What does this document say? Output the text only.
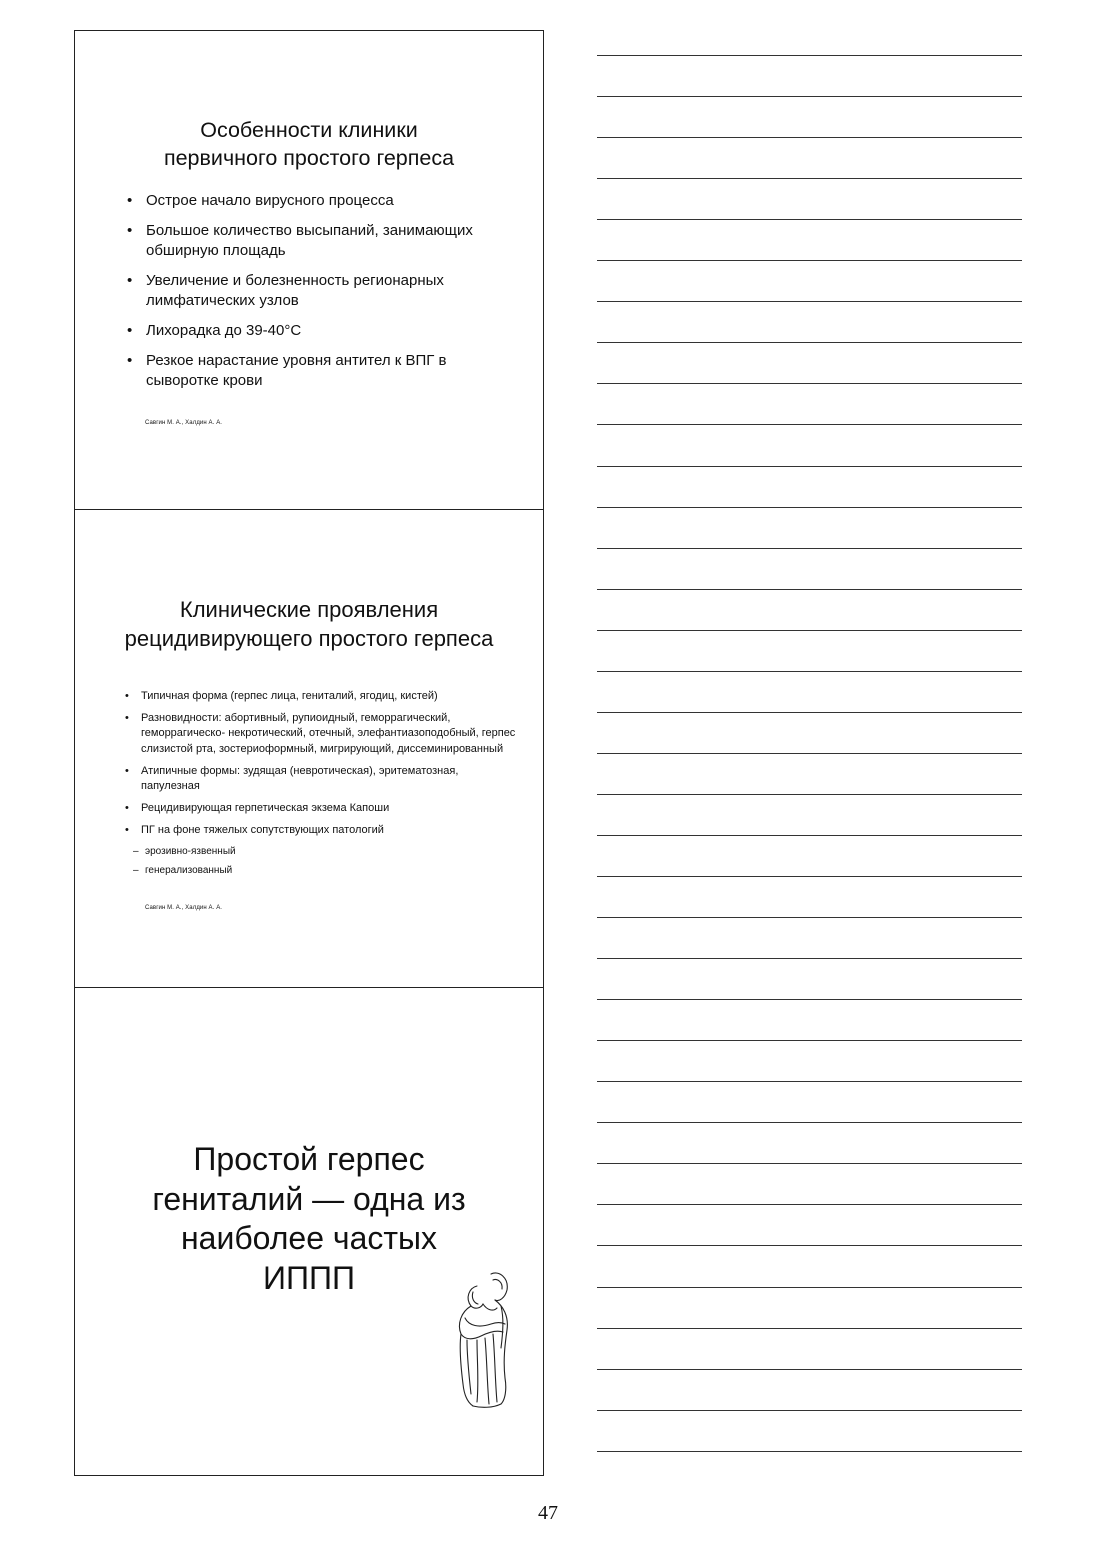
Особенности клиники
первичного простого герпеса
• Острое начало вирусного процесса
• Большое количество высыпаний, занимающих обширную площадь
• Увеличение и болезненность регионарных лимфатических узлов
• Лихорадка до 39-40°С
• Резкое нарастание уровня антител к ВПГ в сыворотке крови
Савгин М. А., Халдин А. А.
Клинические проявления
рецидивирующего простого герпеса
• Типичная форма (герпес лица, гениталий, ягодиц, кистей)
• Разновидности: абортивный, рупиоидный, геморрагический, геморрагическо- некротический, отечный, элефантиазоподобный, герпес слизистой рта, зостериоформный, мигрирующий, диссеминированный
• Атипичные формы: зудящая (невротическая), эритематозная, папулезная
• Рецидивирующая герпетическая экзема Капоши
• ПГ на фоне тяжелых сопутствующих патологий
– эрозивно-язвенный
– генерализованный
Савгин М. А., Халдин А. А.
Простой герпес
гениталий — одна из
наиболее частых
ИППП
47
